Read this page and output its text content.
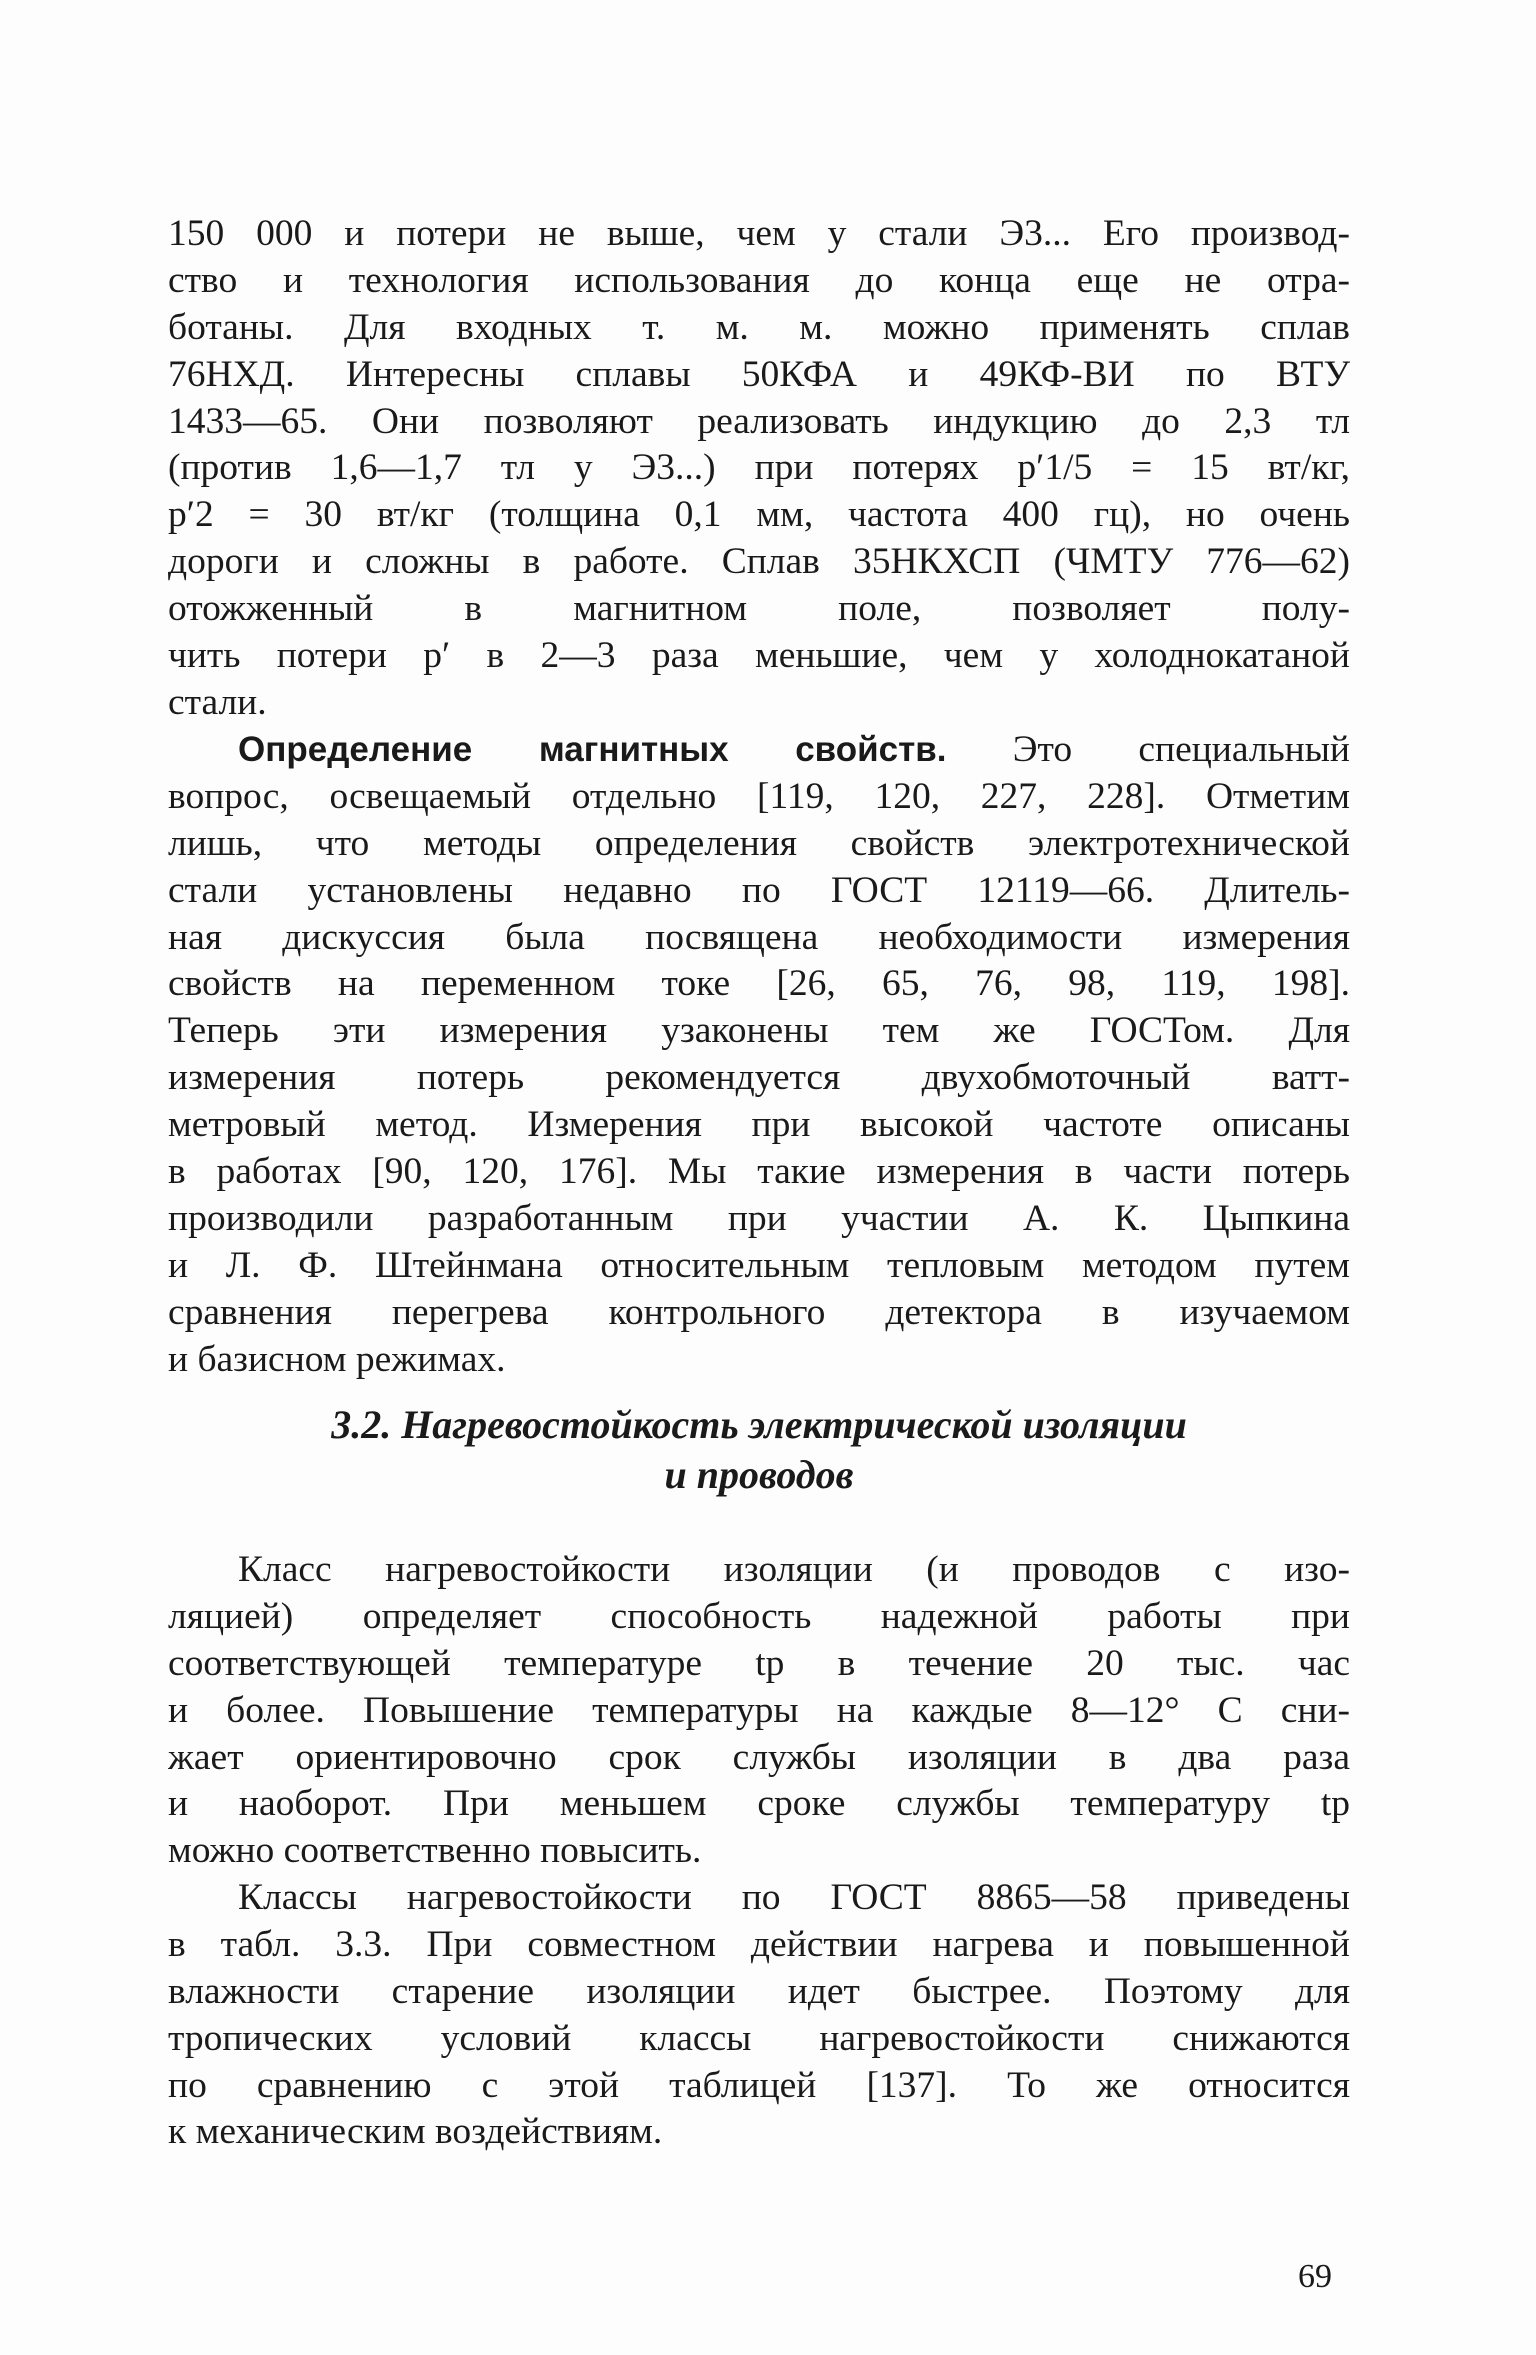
150 000 и потери не выше, чем у стали Э3... Его производ-
ство и технология использования до конца еще не отра-
ботаны. Для входных т. м. м. можно применять сплав
76НХД. Интересны сплавы 50КФА и 49КФ-ВИ по ВТУ
1433—65. Они позволяют реализовать индукцию до 2,3 тл
(против 1,6—1,7 тл у Э3...) при потерях p′1/5 = 15 вт/кг,
p′2 = 30 вт/кг (толщина 0,1 мм, частота 400 гц), но очень
дороги и сложны в работе. Сплав 35НКХСП (ЧМТУ 776—62)
отожженный в магнитном поле, позволяет полу-
чить потери p′ в 2—3 раза меньшие, чем у холоднокатаной
стали.
Определение магнитных свойств. Это специальный
вопрос, освещаемый отдельно [119, 120, 227, 228]. Отметим
лишь, что методы определения свойств электротехнической
стали установлены недавно по ГОСТ 12119—66. Длитель-
ная дискуссия была посвящена необходимости измерения
свойств на переменном токе [26, 65, 76, 98, 119, 198].
Теперь эти измерения узаконены тем же ГОСТом. Для
измерения потерь рекомендуется двухобмоточный ватт-
метровый метод. Измерения при высокой частоте описаны
в работах [90, 120, 176]. Мы такие измерения в части потерь
производили разработанным при участии А. К. Цыпкина
и Л. Ф. Штейнмана относительным тепловым методом путем
сравнения перегрева контрольного детектора в изучаемом
и базисном режимах.
3.2. Нагревостойкость электрической изоляции
и проводов
Класс нагревостойкости изоляции (и проводов с изо-
ляцией) определяет способность надежной работы при
соответствующей температуре tр в течение 20 тыс. час
и более. Повышение температуры на каждые 8—12° С сни-
жает ориентировочно срок службы изоляции в два раза
и наоборот. При меньшем сроке службы температуру tр
можно соответственно повысить.
Классы нагревостойкости по ГОСТ 8865—58 приведены
в табл. 3.3. При совместном действии нагрева и повышенной
влажности старение изоляции идет быстрее. Поэтому для
тропических условий классы нагревостойкости снижаются
по сравнению с этой таблицей [137]. То же относится
к механическим воздействиям.
69
